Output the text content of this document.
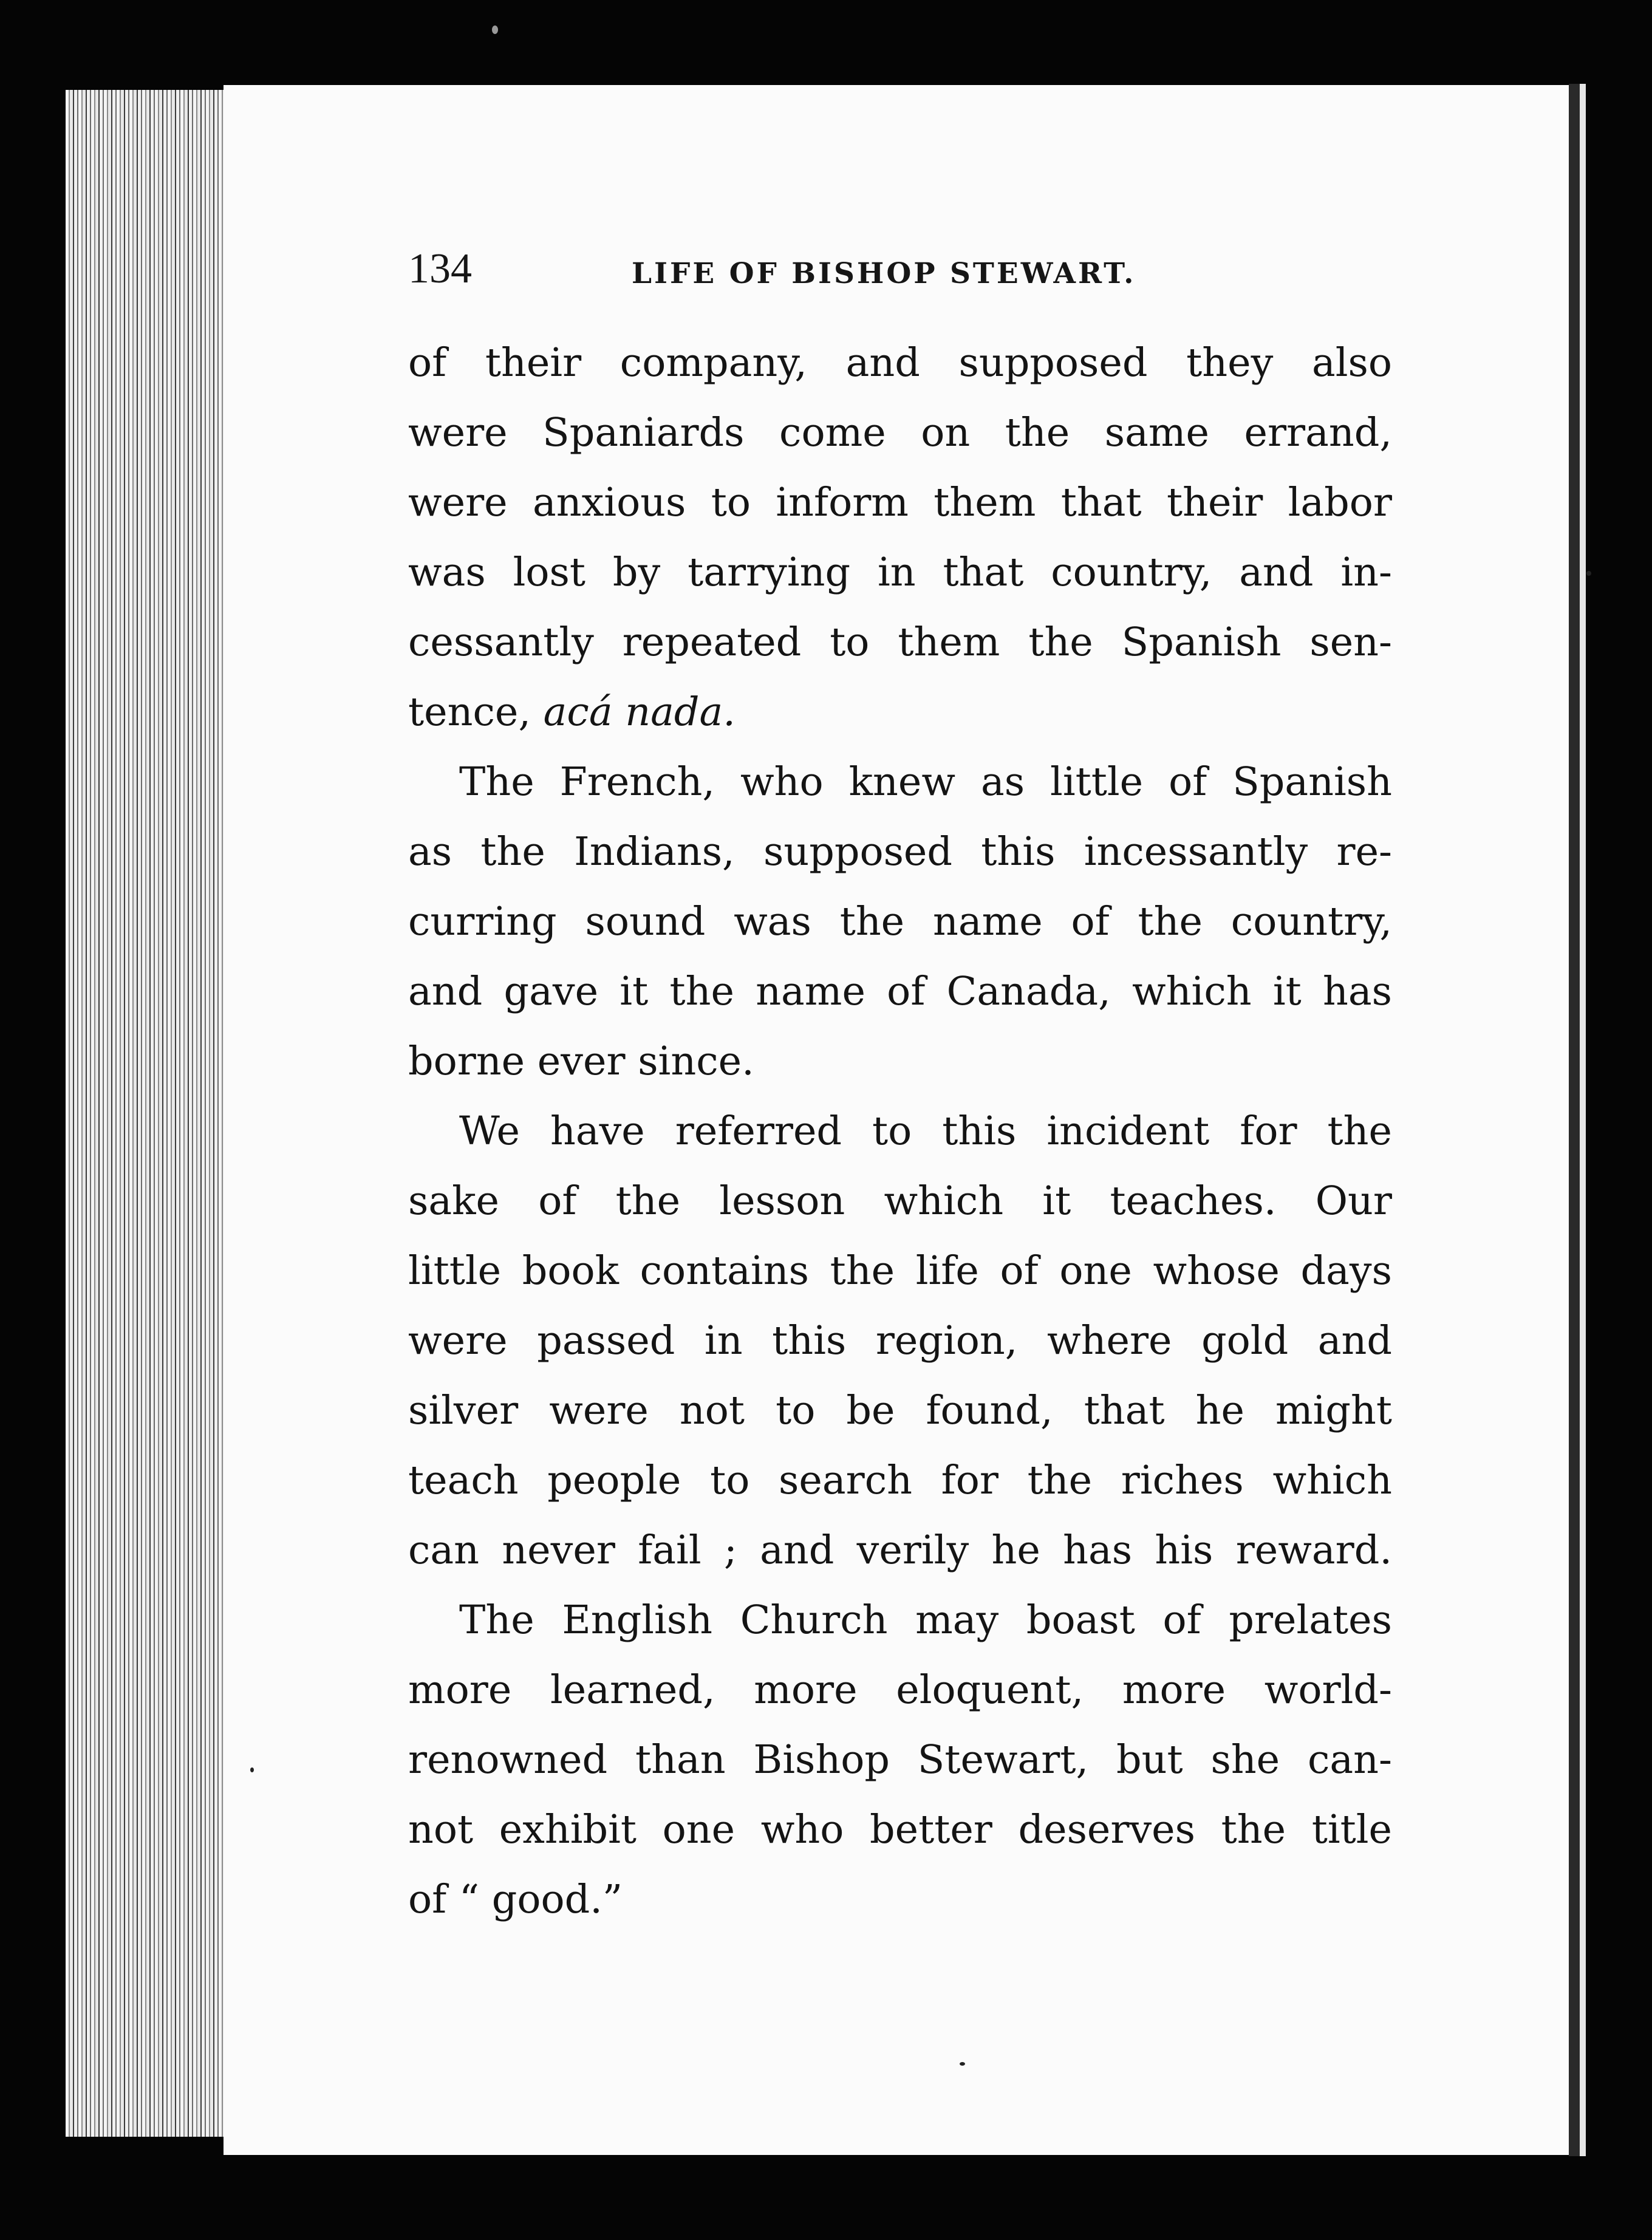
134	LIFE OF BISHOP STEWART.
of their company, and supposed they also
were Spaniards come on the same errand,
were anxious to inform them that their labor
was lost by tarrying in that country, and in-
cessantly repeated to them the Spanish sen-
tence, acá nada.
The French, who knew as little of Spanish
as the Indians, supposed this incessantly re-
curring sound was the name of the country,
and gave it the name of Canada, which it has
borne ever since.
We have referred to this incident for the
sake of the lesson which it teaches. Our
little book contains the life of one whose days
were passed in this region, where gold and
silver were not to be found, that he might
teach people to search for the riches which
can never fail ; and verily he has his reward.
The English Church may boast of prelates
more learned, more eloquent, more world-
renowned than Bishop Stewart, but she can-
not exhibit one who better deserves the title
of “ good.”
